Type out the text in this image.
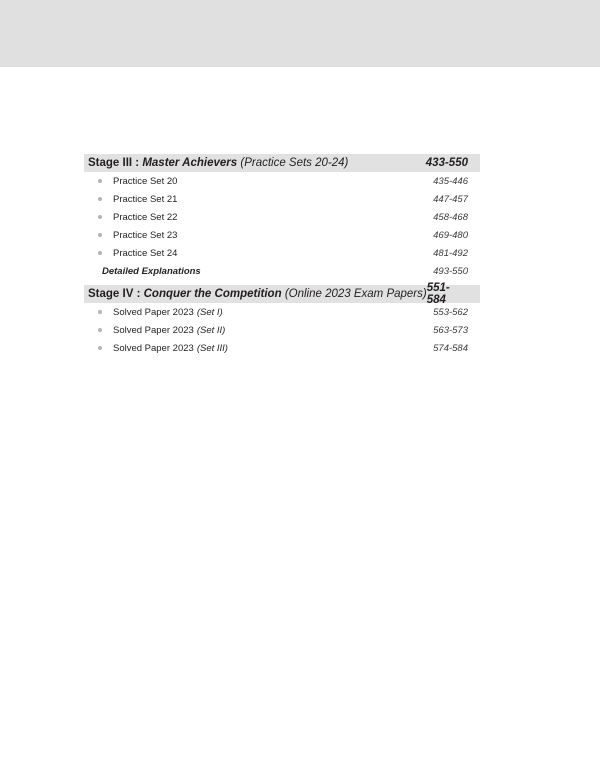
Stage III : Master Achievers (Practice Sets 20-24)	433-550
Practice Set 20	435-446
Practice Set 21	447-457
Practice Set 22	458-468
Practice Set 23	469-480
Practice Set 24	481-492
Detailed Explanations	493-550
Stage IV : Conquer the Competition (Online 2023 Exam Papers) 551-584
Solved Paper 2023 (Set I)	553-562
Solved Paper 2023 (Set II)	563-573
Solved Paper 2023 (Set III)	574-584
